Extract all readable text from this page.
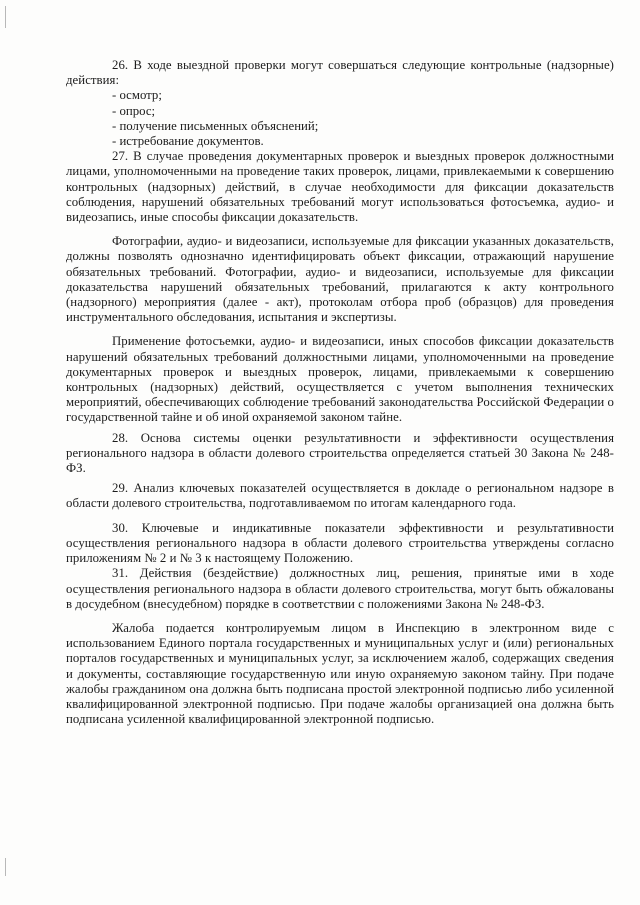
26. В ходе выездной проверки могут совершаться следующие контрольные (надзорные) действия:

- осмотр;

- опрос;

- получение письменных объяснений;

- истребование документов.

27. В случае проведения документарных проверок и выездных проверок должностными лицами, уполномоченными на проведение таких проверок, лицами, привлекаемыми к совершению контрольных (надзорных) действий, в случае необходимости для фиксации доказательств соблюдения, нарушений обязательных требований могут использоваться фотосъемка, аудио- и видеозапись, иные способы фиксации доказательств.

Фотографии, аудио- и видеозаписи, используемые для фиксации указанных доказательств, должны позволять однозначно идентифицировать объект фиксации, отражающий нарушение обязательных требований. Фотографии, аудио- и видеозаписи, используемые для фиксации доказательства нарушений обязательных требований, прилагаются к акту контрольного (надзорного) мероприятия (далее - акт), протоколам отбора проб (образцов) для проведения инструментального обследования, испытания и экспертизы.

Применение фотосъемки, аудио- и видеозаписи, иных способов фиксации доказательств нарушений обязательных требований должностными лицами, уполномоченными на проведение документарных проверок и выездных проверок, лицами, привлекаемыми к совершению контрольных (надзорных) действий, осуществляется с учетом выполнения технических мероприятий, обеспечивающих соблюдение требований законодательства Российской Федерации о государственной тайне и об иной охраняемой законом тайне.

28. Основа системы оценки результативности и эффективности осуществления регионального надзора в области долевого строительства определяется статьей 30 Закона № 248-ФЗ.

29. Анализ ключевых показателей осуществляется в докладе о региональном надзоре в области долевого строительства, подготавливаемом по итогам календарного года.

30. Ключевые и индикативные показатели эффективности и результативности осуществления регионального надзора в области долевого строительства утверждены согласно приложениям № 2 и № 3 к настоящему Положению.

31. Действия (бездействие) должностных лиц, решения, принятые ими в ходе осуществления регионального надзора в области долевого строительства, могут быть обжалованы в досудебном (внесудебном) порядке в соответствии с положениями Закона № 248-ФЗ.

Жалоба подается контролируемым лицом в Инспекцию в электронном виде с использованием Единого портала государственных и муниципальных услуг и (или) региональных порталов государственных и муниципальных услуг, за исключением жалоб, содержащих сведения и документы, составляющие государственную или иную охраняемую законом тайну. При подаче жалобы гражданином она должна быть подписана простой электронной подписью либо усиленной квалифицированной электронной подписью. При подаче жалобы организацией она должна быть подписана усиленной квалифицированной электронной подписью.
